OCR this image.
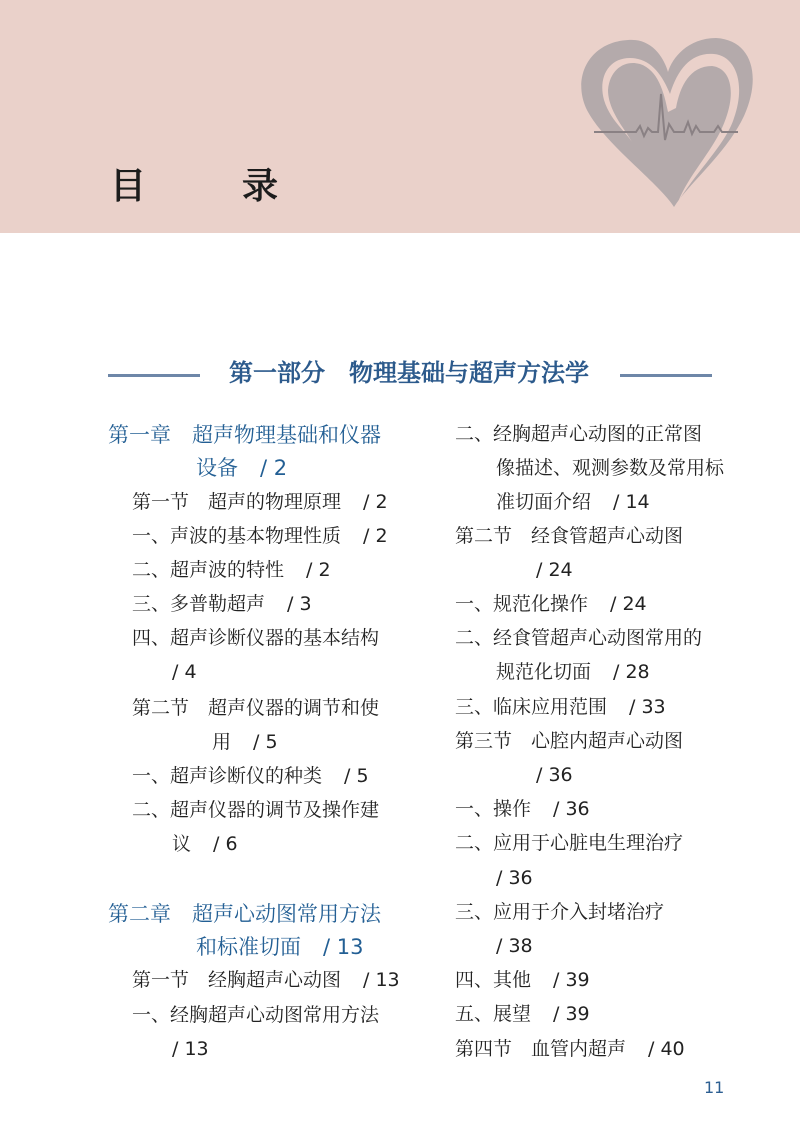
目　录
第一部分　物理基础与超声方法学
第一章　超声物理基础和仪器
设备 / 2
第一节　超声的物理原理 / 2
一、声波的基本物理性质 / 2
二、超声波的特性 / 2
三、多普勒超声 / 3
四、超声诊断仪器的基本结构
/ 4
第二节　超声仪器的调节和使
用 / 5
一、超声诊断仪的种类 / 5
二、超声仪器的调节及操作建
议 / 6
第二章　超声心动图常用方法
和标准切面 / 13
第一节　经胸超声心动图 / 13
一、经胸超声心动图常用方法
/ 13
二、经胸超声心动图的正常图
像描述、观测参数及常用标
准切面介绍 / 14
第二节　经食管超声心动图
/ 24
一、规范化操作 / 24
二、经食管超声心动图常用的
规范化切面 / 28
三、临床应用范围 / 33
第三节　心腔内超声心动图
/ 36
一、操作 / 36
二、应用于心脏电生理治疗
/ 36
三、应用于介入封堵治疗
/ 38
四、其他 / 39
五、展望 / 39
第四节　血管内超声 / 40
11
